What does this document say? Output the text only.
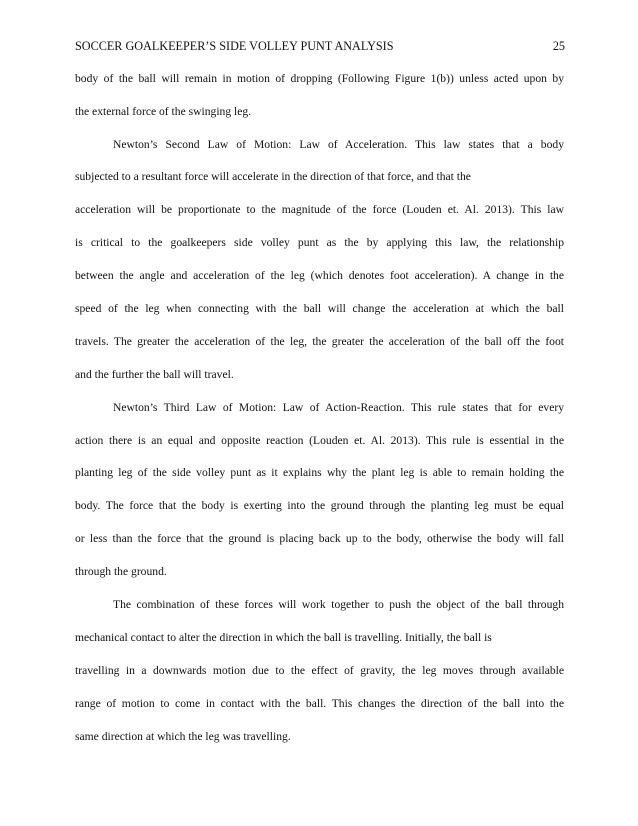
SOCCER GOALKEEPER’S SIDE VOLLEY PUNT ANALYSIS	25
body of the ball will remain in motion of dropping (Following Figure 1(b)) unless acted upon by
the external force of the swinging leg.
Newton’s Second Law of Motion: Law of Acceleration. This law states that a body
subjected to a resultant force will accelerate in the direction of that force, and that the
acceleration will be proportionate to the magnitude of the force (Louden et. Al. 2013). This law
is critical to the goalkeepers side volley punt as the by applying this law, the relationship
between the angle and acceleration of the leg (which denotes foot acceleration). A change in the
speed of the leg when connecting with the ball will change the acceleration at which the ball
travels. The greater the acceleration of the leg, the greater the acceleration of the ball off the foot
and the further the ball will travel.
Newton’s Third Law of Motion: Law of Action-Reaction. This rule states that for every
action there is an equal and opposite reaction (Louden et. Al. 2013). This rule is essential in the
planting leg of the side volley punt as it explains why the plant leg is able to remain holding the
body. The force that the body is exerting into the ground through the planting leg must be equal
or less than the force that the ground is placing back up to the body, otherwise the body will fall
through the ground.
The combination of these forces will work together to push the object of the ball through
mechanical contact to alter the direction in which the ball is travelling. Initially, the ball is
travelling in a downwards motion due to the effect of gravity, the leg moves through available
range of motion to come in contact with the ball. This changes the direction of the ball into the
same direction at which the leg was travelling.
